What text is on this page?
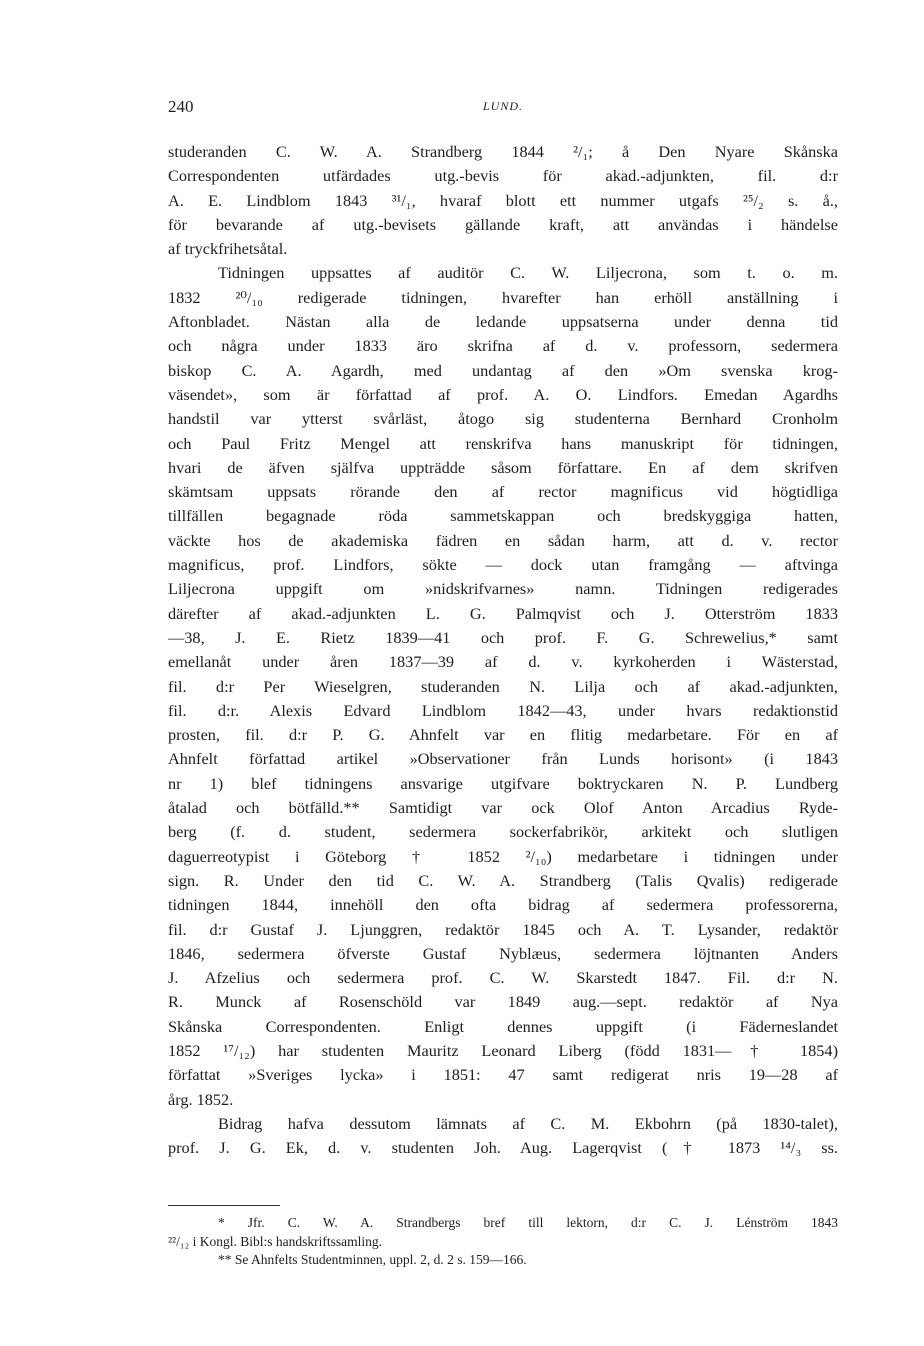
240	LUND.
studeranden C. W. A. Strandberg 1844 ²/₁; å Den Nyare Skånska
Correspondenten utfärdades utg.-bevis för akad.-adjunkten, fil. d:r
A. E. Lindblom 1843 ³¹/₁, hvaraf blott ett nummer utgafs ²⁵/₂ s. å.,
för bevarande af utg.-bevisets gällande kraft, att användas i händelse
af tryckfrihetsåtal.
Tidningen uppsattes af auditör C. W. Liljecrona, som t. o. m.
1832 ²⁰/₁₀ redigerade tidningen, hvarefter han erhöll anställning i
Aftonbladet. Nästan alla de ledande uppsatserna under denna tid
och några under 1833 äro skrifna af d. v. professorn, sedermera
biskop C. A. Agardh, med undantag af den »Om svenska krog-
väsendet», som är författad af prof. A. O. Lindfors. Emedan Agardhs
handstil var ytterst svårläst, åtogo sig studenterna Bernhard Cronholm
och Paul Fritz Mengel att renskrifva hans manuskript för tidningen,
hvari de äfven själfva uppträdde såsom författare. En af dem skrifven
skämtsam uppsats rörande den af rector magnificus vid högtidliga
tillfällen begagnade röda sammetskappan och bredskyggiga hatten,
väckte hos de akademiska fädren en sådan harm, att d. v. rector
magnificus, prof. Lindfors, sökte — dock utan framgång — aftvinga
Liljecrona uppgift om »nidskrifvarnes» namn. Tidningen redigerades
därefter af akad.-adjunkten L. G. Palmqvist och J. Otterström 1833
—38, J. E. Rietz 1839—41 och prof. F. G. Schrewelius,* samt
emellanåt under åren 1837—39 af d. v. kyrkoherden i Wästerstad,
fil. d:r Per Wieselgren, studeranden N. Lilja och af akad.-adjunkten,
fil. d:r. Alexis Edvard Lindblom 1842—43, under hvars redaktionstid
prosten, fil. d:r P. G. Ahnfelt var en flitig medarbetare. För en af
Ahnfelt författad artikel »Observationer från Lunds horisont» (i 1843
nr 1) blef tidningens ansvarige utgifvare boktryckaren N. P. Lundberg
åtalad och bötfälld.** Samtidigt var ock Olof Anton Arcadius Ryde-
berg (f. d. student, sedermera sockerfabrikör, arkitekt och slutligen
daguerreotypist i Göteborg † 1852 ²/₁₀) medarbetare i tidningen under
sign. R. Under den tid C. W. A. Strandberg (Talis Qvalis) redigerade
tidningen 1844, innehöll den ofta bidrag af sedermera professorerna,
fil. d:r Gustaf J. Ljunggren, redaktör 1845 och A. T. Lysander, redaktör
1846, sedermera öfverste Gustaf Nyblæus, sedermera löjtnanten Anders
J. Afzelius och sedermera prof. C. W. Skarstedt 1847. Fil. d:r N.
R. Munck af Rosenschöld var 1849 aug.—sept. redaktör af Nya
Skånska Correspondenten. Enligt dennes uppgift (i Fäderneslandet
1852 ¹⁷/₁₂) har studenten Mauritz Leonard Liberg (född 1831—† 1854)
författat »Sveriges lycka» i 1851: 47 samt redigerat nris 19—28 af
årg. 1852.
Bidrag hafva dessutom lämnats af C. M. Ekbohrn (på 1830-talet),
prof. J. G. Ek, d. v. studenten Joh. Aug. Lagerqvist († 1873 ¹⁴/₃ ss.
* Jfr. C. W. A. Strandbergs bref till lektorn, d:r C. J. Lénström 1843
²²/₁₂ i Kongl. Bibl:s handskriftssamling.
** Se Ahnfelts Studentminnen, uppl. 2, d. 2 s. 159—166.
